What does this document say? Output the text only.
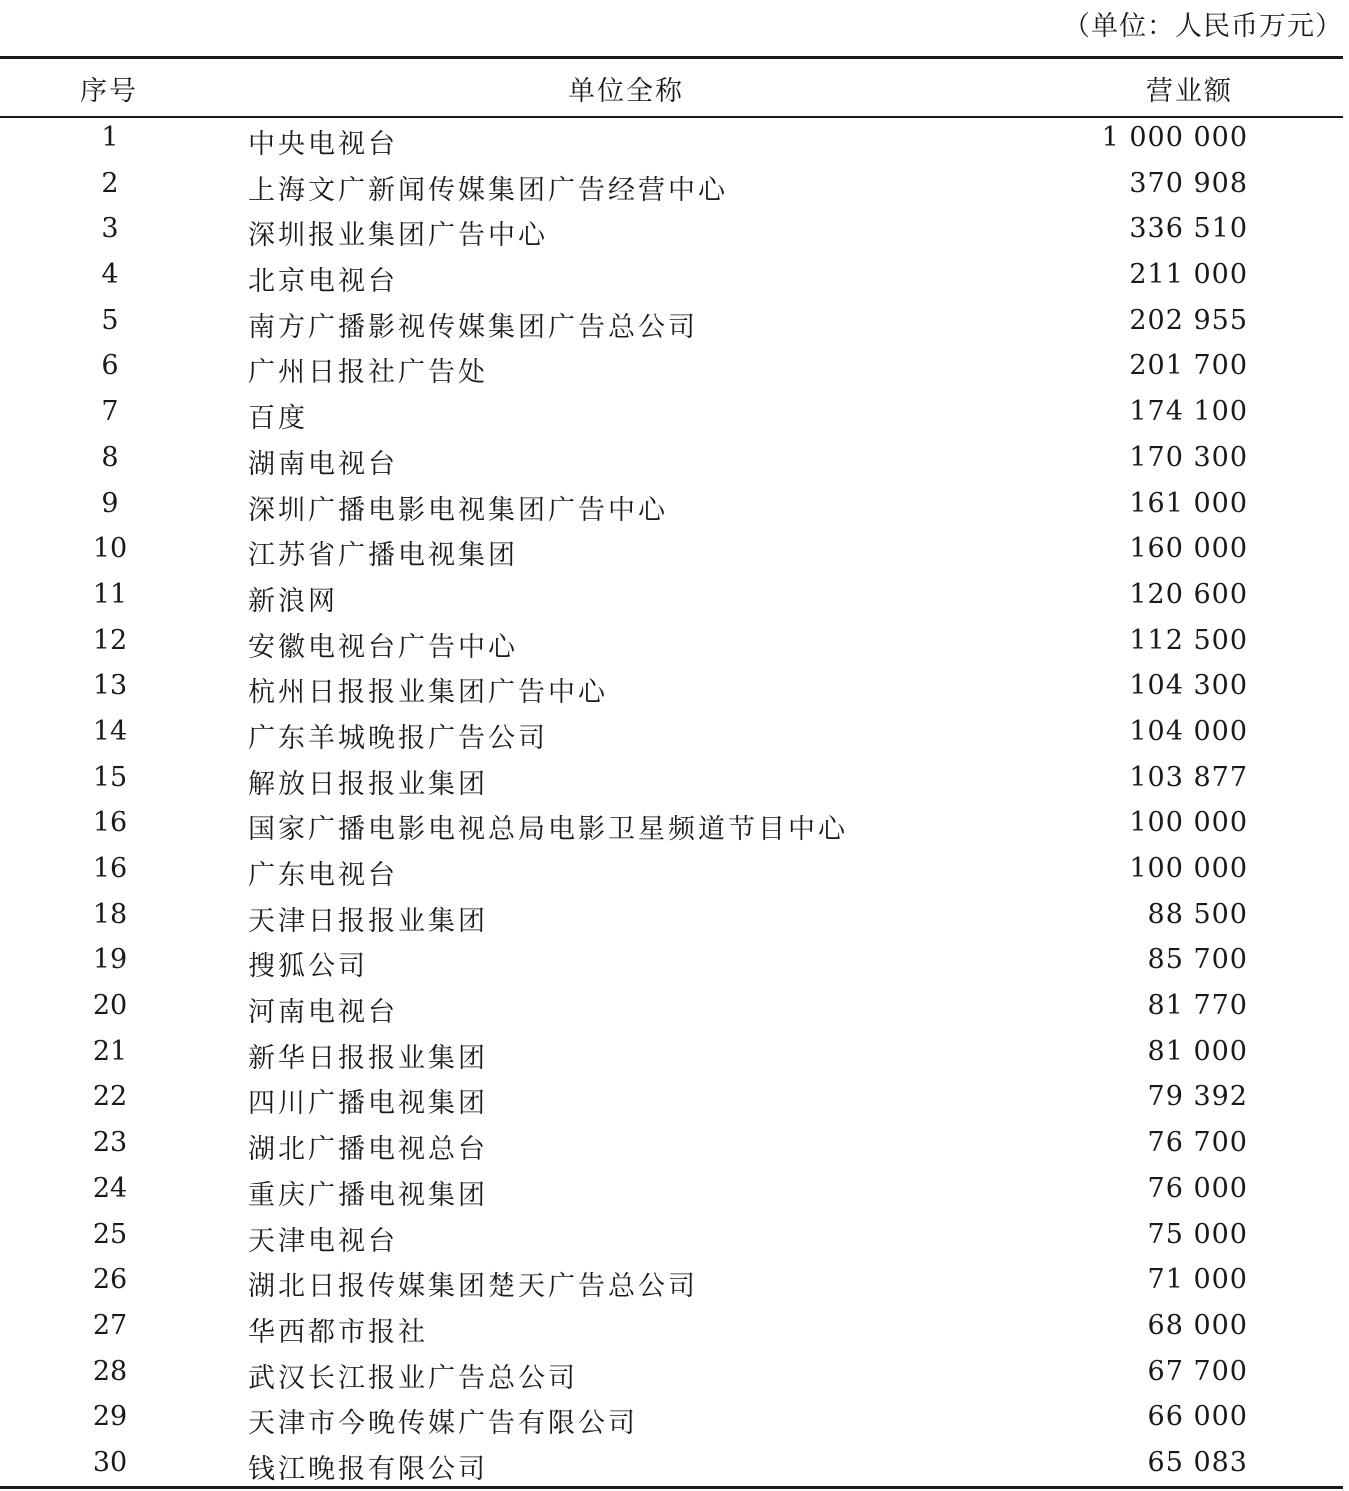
（单位：人民币万元）
序号	单位全称	营业额
1	中央电视台	1 000 000
2	上海文广新闻传媒集团广告经营中心	370 908
3	深圳报业集团广告中心	336 510
4	北京电视台	211 000
5	南方广播影视传媒集团广告总公司	202 955
6	广州日报社广告处	201 700
7	百度	174 100
8	湖南电视台	170 300
9	深圳广播电影电视集团广告中心	161 000
10	江苏省广播电视集团	160 000
11	新浪网	120 600
12	安徽电视台广告中心	112 500
13	杭州日报报业集团广告中心	104 300
14	广东羊城晚报广告公司	104 000
15	解放日报报业集团	103 877
16	国家广播电影电视总局电影卫星频道节目中心	100 000
16	广东电视台	100 000
18	天津日报报业集团	88 500
19	搜狐公司	85 700
20	河南电视台	81 770
21	新华日报报业集团	81 000
22	四川广播电视集团	79 392
23	湖北广播电视总台	76 700
24	重庆广播电视集团	76 000
25	天津电视台	75 000
26	湖北日报传媒集团楚天广告总公司	71 000
27	华西都市报社	68 000
28	武汉长江报业广告总公司	67 700
29	天津市今晚传媒广告有限公司	66 000
30	钱江晚报有限公司	65 083
